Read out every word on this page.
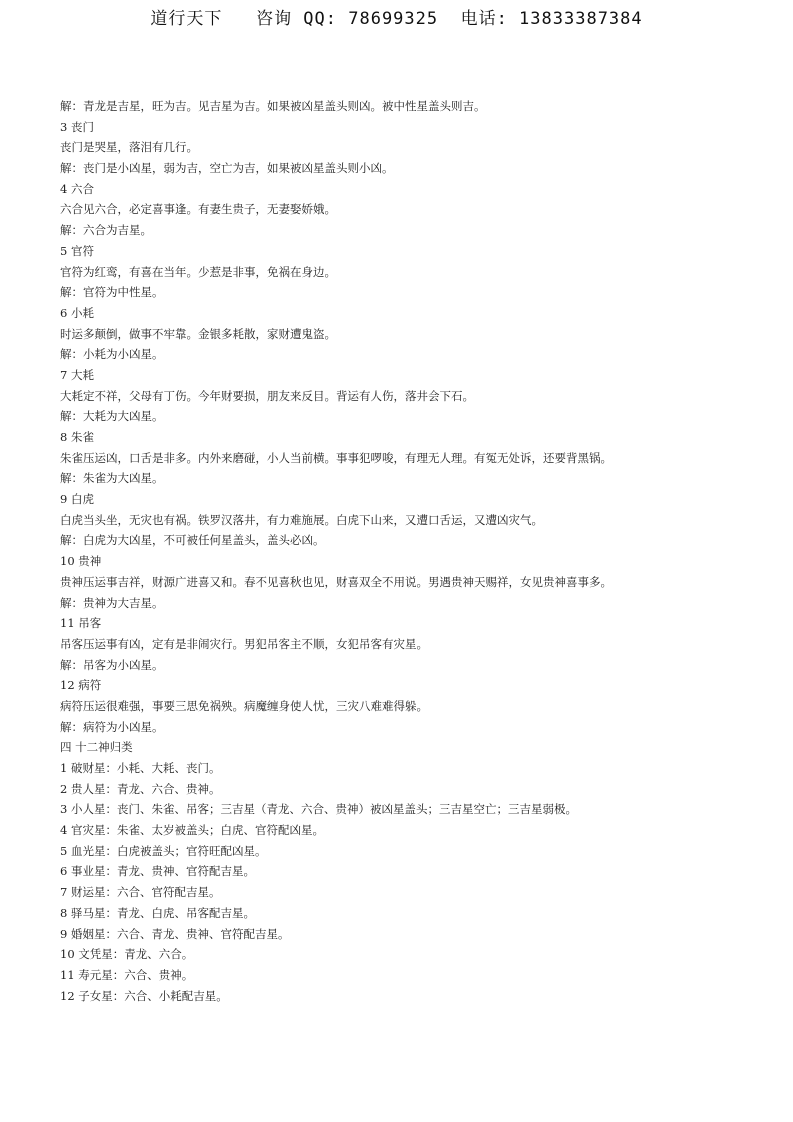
道行天下   咨询 QQ: 78699325  电话: 13833387384
解：青龙是吉星，旺为吉。见吉星为吉。如果被凶星盖头则凶。被中性星盖头则吉。
3 丧门
丧门是哭星，落泪有几行。
解：丧门是小凶星，弱为吉，空亡为吉，如果被凶星盖头则小凶。
4 六合
六合见六合，必定喜事逢。有妻生贵子，无妻娶娇娥。
解：六合为吉星。
5 官符
官符为红鸾，有喜在当年。少惹是非事，免祸在身边。
解：官符为中性星。
6 小耗
时运多颠倒，做事不牢靠。金银多耗散，家财遭鬼盗。
解：小耗为小凶星。
7 大耗
大耗定不祥，父母有丁伤。今年财要损，朋友来反目。背运有人伤，落井会下石。
解：大耗为大凶星。
8 朱雀
朱雀压运凶，口舌是非多。内外来磨碰，小人当前横。事事犯啰唆，有理无人理。有冤无处诉，还要背黑锅。
解：朱雀为大凶星。
9 白虎
白虎当头坐，无灾也有祸。铁罗汉落井，有力难施展。白虎下山来，又遭口舌运，又遭凶灾气。
解：白虎为大凶星，不可被任何星盖头，盖头必凶。
10 贵神
贵神压运事吉祥，财源广进喜又和。春不见喜秋也见，财喜双全不用说。男遇贵神天赐祥，女见贵神喜事多。
解：贵神为大吉星。
11 吊客
吊客压运事有凶，定有是非闹灾行。男犯吊客主不顺，女犯吊客有灾星。
解：吊客为小凶星。
12 病符
病符压运很难强，事要三思免祸殃。病魔缠身使人忧，三灾八难难得躲。
解：病符为小凶星。
四 十二神归类
1 破财星：小耗、大耗、丧门。
2 贵人星：青龙、六合、贵神。
3 小人星：丧门、朱雀、吊客；三吉星（青龙、六合、贵神）被凶星盖头；三吉星空亡；三吉星弱极。
4 官灾星：朱雀、太岁被盖头；白虎、官符配凶星。
5 血光星：白虎被盖头；官符旺配凶星。
6 事业星：青龙、贵神、官符配吉星。
7 财运星：六合、官符配吉星。
8 驿马星：青龙、白虎、吊客配吉星。
9 婚姻星：六合、青龙、贵神、官符配吉星。
10 文凭星：青龙、六合。
11 寿元星：六合、贵神。
12 子女星：六合、小耗配吉星。
